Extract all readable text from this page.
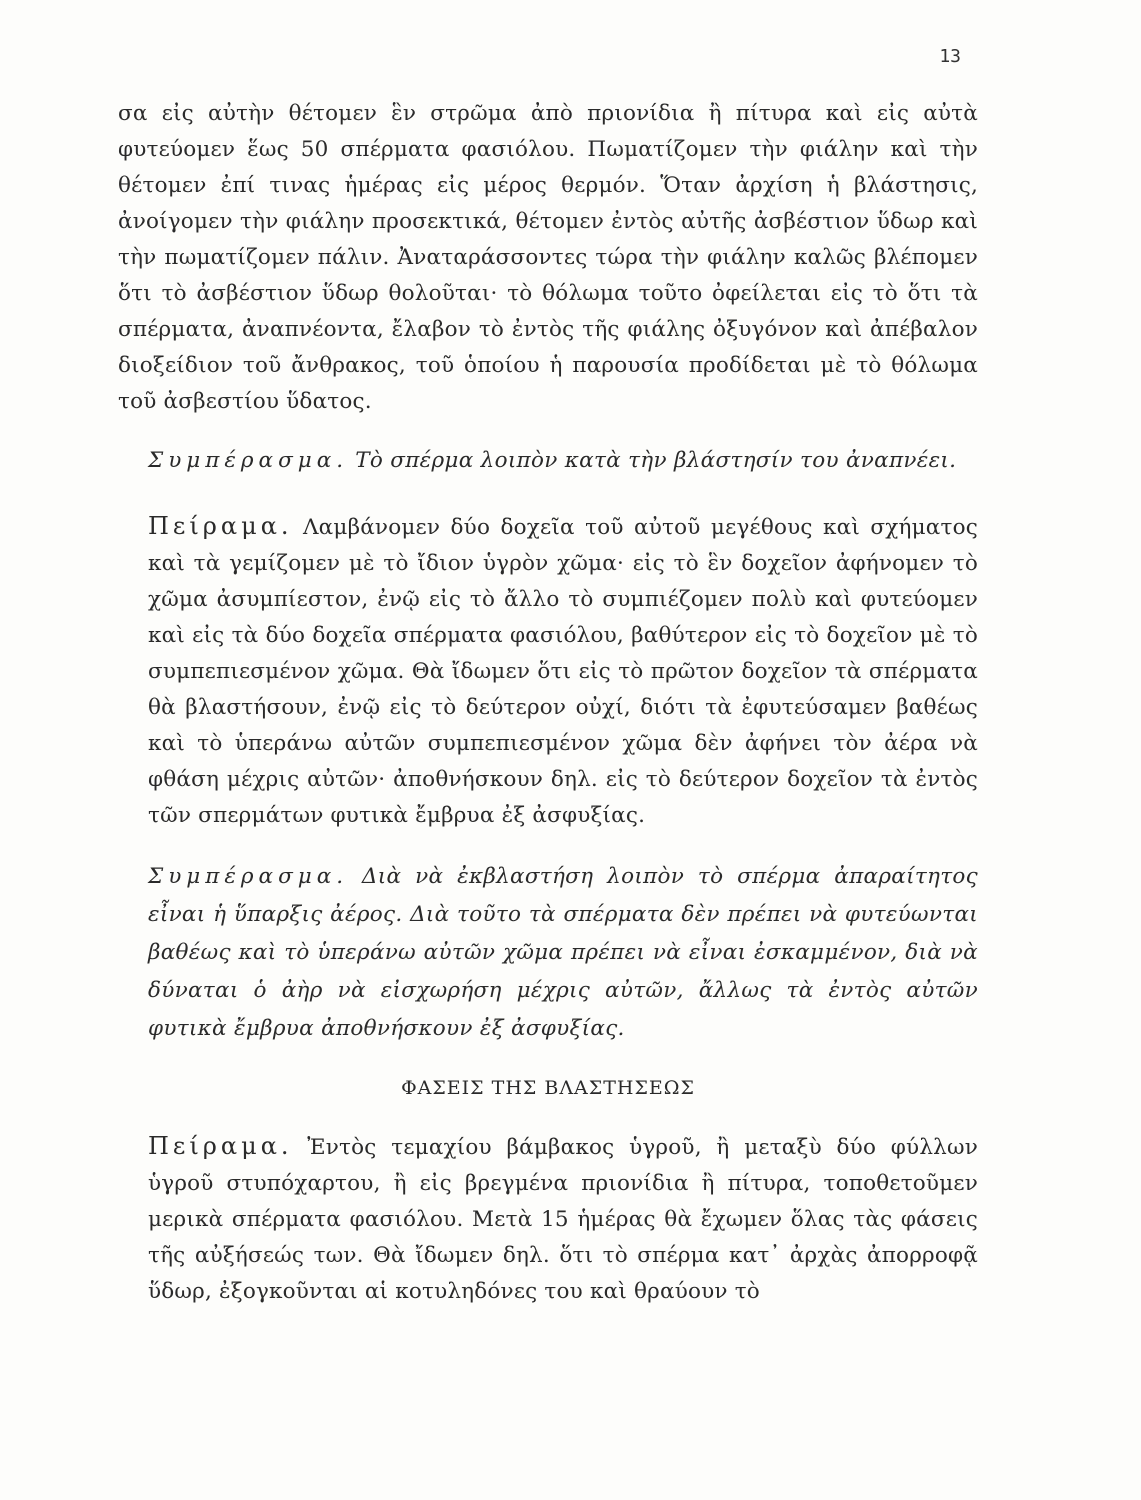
13

σα εἰς αὐτὴν θέτομεν ἓν στρῶμα ἀπὸ πριονίδια ἢ πίτυρα καὶ εἰς αὐτὰ φυτεύομεν ἕως 50 σπέρματα φασιόλου. Πωματίζομεν τὴν φιάλην καὶ τὴν θέτομεν ἐπί τινας ἡμέρας εἰς μέρος θερμόν. Ὅταν ἀρχίση ἡ βλάστησις, ἀνοίγομεν τὴν φιάλην προσεκτικά, θέτομεν ἐντὸς αὐτῆς ἀσβέστιον ὕδωρ καὶ τὴν πωματίζομεν πάλιν. Ἀναταράσσοντες τώρα τὴν φιάλην καλῶς βλέπομεν ὅτι τὸ ἀσβέστιον ὕδωρ θολοῦται· τὸ θόλωμα τοῦτο ὀφείλεται εἰς τὸ ὅτι τὰ σπέρματα, ἀναπνέοντα, ἔλαβον τὸ ἐντὸς τῆς φιάλης ὀξυγόνον καὶ ἀπέβαλον διοξείδιον τοῦ ἄνθρακος, τοῦ ὁποίου ἡ παρουσία προδίδεται μὲ τὸ θόλωμα τοῦ ἀσβεστίου ὕδατος.

Συμπέρασμα. Τὸ σπέρμα λοιπὸν κατὰ τὴν βλάστησίν του ἀναπνέει.

Πείραμα. Λαμβάνομεν δύο δοχεῖα τοῦ αὐτοῦ μεγέθους καὶ σχήματος καὶ τὰ γεμίζομεν μὲ τὸ ἴδιον ὑγρὸν χῶμα· εἰς τὸ ἓν δοχεῖον ἀφήνομεν τὸ χῶμα ἀσυμπίεστον, ἐνῷ εἰς τὸ ἄλλο τὸ συμπιέζομεν πολὺ καὶ φυτεύομεν καὶ εἰς τὰ δύο δοχεῖα σπέρματα φασιόλου, βαθύτερον εἰς τὸ δοχεῖον μὲ τὸ συμπεπιεσμένον χῶμα. Θὰ ἴδωμεν ὅτι εἰς τὸ πρῶτον δοχεῖον τὰ σπέρματα θὰ βλαστήσουν, ἐνῷ εἰς τὸ δεύτερον οὐχί, διότι τὰ ἐφυτεύσαμεν βαθέως καὶ τὸ ὑπεράνω αὐτῶν συμπεπιεσμένον χῶμα δὲν ἀφήνει τὸν ἀέρα νὰ φθάση μέχρις αὐτῶν· ἀποθνήσκουν δηλ. εἰς τὸ δεύτερον δοχεῖον τὰ ἐντὸς τῶν σπερμάτων φυτικὰ ἔμβρυα ἐξ ἀσφυξίας.

Συμπέρασμα. Διὰ νὰ ἐκβλαστήση λοιπὸν τὸ σπέρμα ἀπαραίτητος εἶναι ἡ ὕπαρξις ἀέρος. Διὰ τοῦτο τὰ σπέρματα δὲν πρέπει νὰ φυτεύωνται βαθέως καὶ τὸ ὑπεράνω αὐτῶν χῶμα πρέπει νὰ εἶναι ἐσκαμμένον, διὰ νὰ δύναται ὁ ἀὴρ νὰ εἰσχωρήση μέχρις αὐτῶν, ἄλλως τὰ ἐντὸς αὐτῶν φυτικὰ ἔμβρυα ἀποθνήσκουν ἐξ ἀσφυξίας.

ΦΑΣΕΙΣ ΤΗΣ ΒΛΑΣΤΗΣΕΩΣ

Πείραμα. Ἐντὸς τεμαχίου βάμβακος ὑγροῦ, ἢ μεταξὺ δύο φύλλων ὑγροῦ στυπόχαρτου, ἢ εἰς βρεγμένα πριονίδια ἢ πίτυρα, τοποθετοῦμεν μερικὰ σπέρματα φασιόλου. Μετὰ 15 ἡμέρας θὰ ἔχωμεν ὅλας τὰς φάσεις τῆς αὐξήσεώς των. Θὰ ἴδωμεν δηλ. ὅτι τὸ σπέρμα κατ᾽ ἀρχὰς ἀπορροφᾷ ὕδωρ, ἐξογκοῦνται αἱ κοτυληδόνες του καὶ θραύουν τὸ
